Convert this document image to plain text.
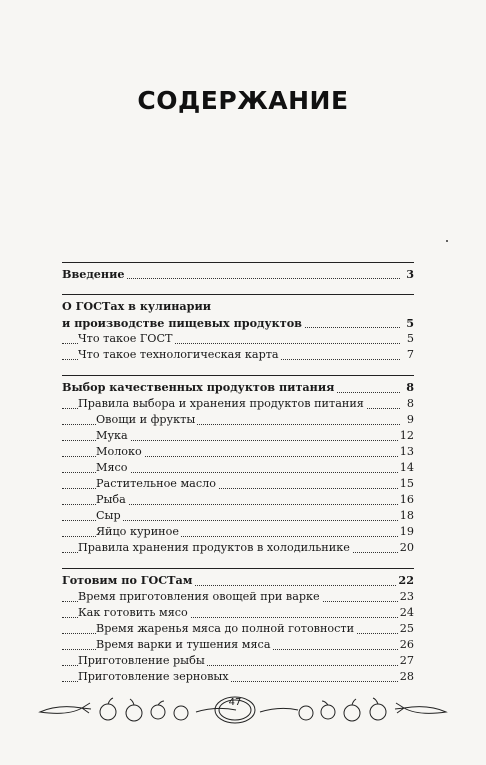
СОДЕРЖАНИЕ
Введение	3
О ГОСТах в кулинарии
и производстве пищевых продуктов	5
Что такое ГОСТ	5
Что такое технологическая карта	7
Выбор качественных продуктов питания	8
Правила выбора и хранения продуктов питания	8
Овощи и фрукты	9
Мука	12
Молоко	13
Мясо	14
Растительное масло	15
Рыба	16
Сыр	18
Яйцо куриное	19
Правила хранения продуктов в холодильнике	20
Готовим по ГОСТам	22
Время приготовления овощей при варке	23
Как готовить мясо	24
Время жаренья мяса до полной готовности	25
Время варки и тушения мяса	26
Приготовление рыбы	27
Приготовление зерновых	28
47
